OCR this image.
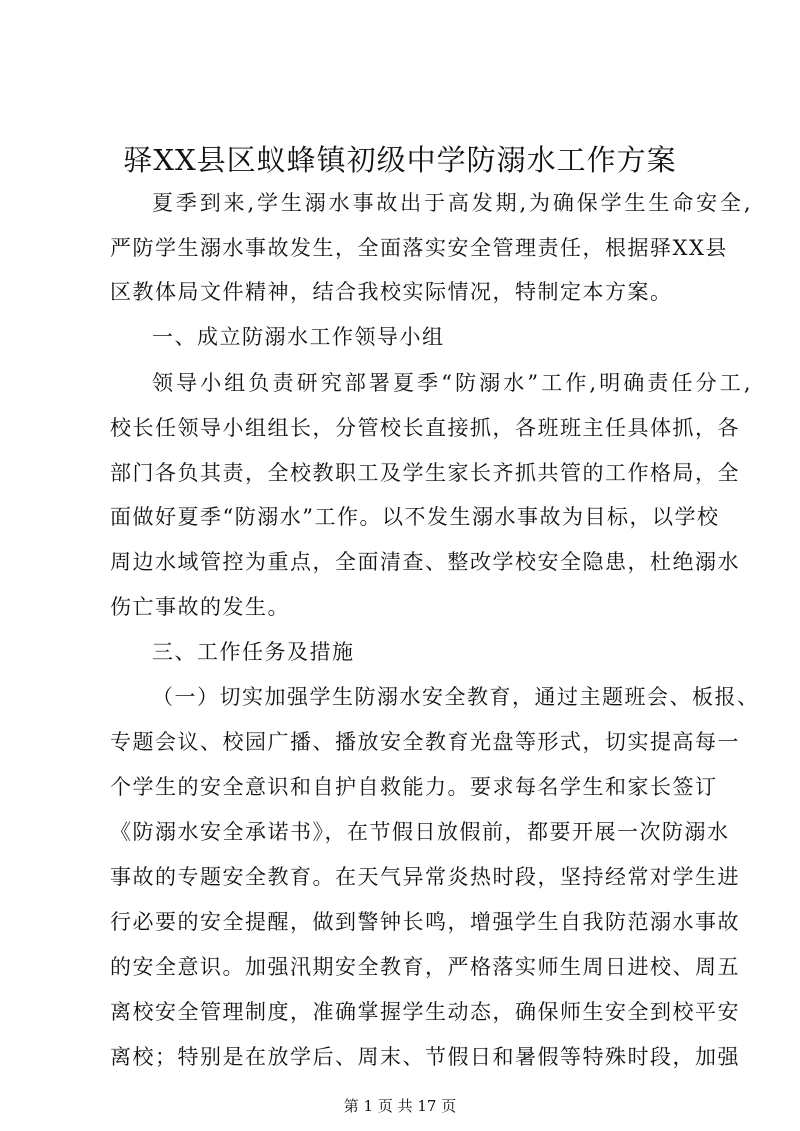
驿XX县区蚁蜂镇初级中学防溺水工作方案
夏季到来,学生溺水事故出于高发期,为确保学生生命安全,
严防学生溺水事故发生，全面落实安全管理责任，根据驿XX县
区教体局文件精神，结合我校实际情况，特制定本方案。
一、成立防溺水工作领导小组
领导小组负责研究部署夏季“防溺水”工作,明确责任分工,
校长任领导小组组长，分管校长直接抓，各班班主任具体抓，各
部门各负其责，全校教职工及学生家长齐抓共管的工作格局，全
面做好夏季“防溺水”工作。以不发生溺水事故为目标，以学校
周边水域管控为重点，全面清查、整改学校安全隐患，杜绝溺水
伤亡事故的发生。
三、工作任务及措施
（一）切实加强学生防溺水安全教育，通过主题班会、板报、
专题会议、校园广播、播放安全教育光盘等形式，切实提高每一
个学生的安全意识和自护自救能力。要求每名学生和家长签订
《防溺水安全承诺书》，在节假日放假前，都要开展一次防溺水
事故的专题安全教育。在天气异常炎热时段，坚持经常对学生进
行必要的安全提醒，做到警钟长鸣，增强学生自我防范溺水事故
的安全意识。加强汛期安全教育，严格落实师生周日进校、周五
离校安全管理制度，准确掌握学生动态，确保师生安全到校平安
离校；特别是在放学后、周末、节假日和暑假等特殊时段，加强
第 1 页 共 17 页
